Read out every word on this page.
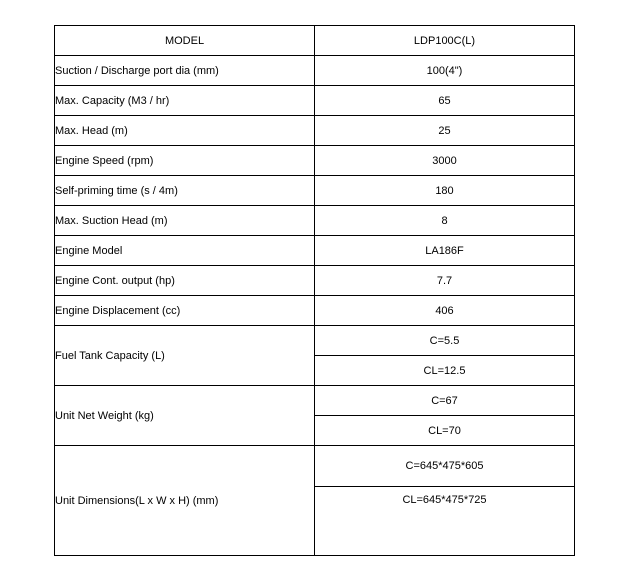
MODEL	LDP100C(L)
Suction / Discharge port dia (mm)	100(4")
Max. Capacity (M3 / hr)	65
Max. Head (m)	25
Engine Speed (rpm)	3000
Self-priming time (s / 4m)	180
Max. Suction Head (m)	8
Engine Model	LA186F
Engine Cont. output (hp)	7.7
Engine Displacement (cc)	406
Fuel Tank Capacity (L)	C=5.5
	CL=12.5
Unit Net Weight (kg)	C=67
	CL=70
Unit Dimensions(L x W x H) (mm)	C=645*475*605
	CL=645*475*725
